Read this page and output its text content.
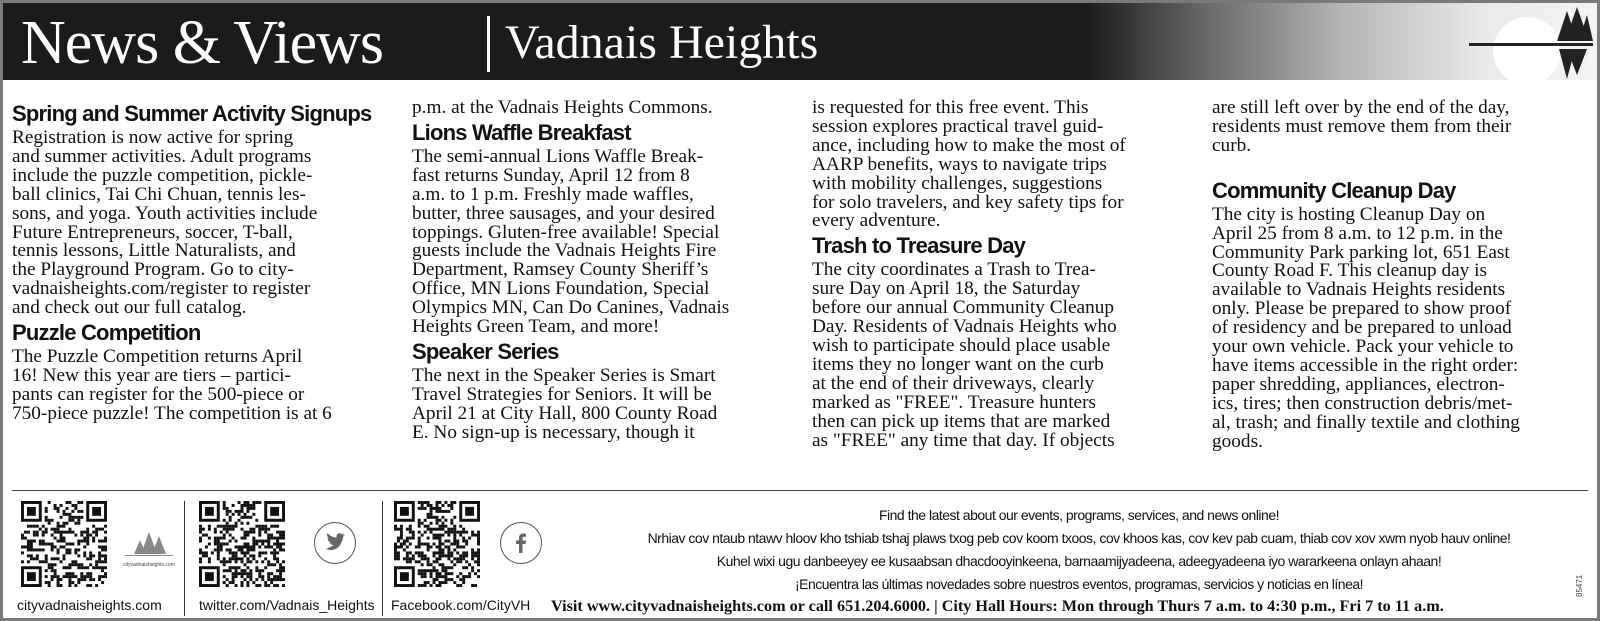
News & Views	Vadnais Heights
Spring and Summer Activity Signups

Registration is now active for spring
and summer activities. Adult programs
include the puzzle competition, pickle-
ball clinics, Tai Chi Chuan, tennis les-
sons, and yoga. Youth activities include
Future Entrepreneurs, soccer, T-ball,
tennis lessons, Little Naturalists, and
the Playground Program. Go to city-
vadnaisheights.com/register to register
and check out our full catalog.

Puzzle Competition

The Puzzle Competition returns April
16! New this year are tiers – partici-
pants can register for the 500-piece or
750-piece puzzle! The competition is at 6

p.m. at the Vadnais Heights Commons.

Lions Waffle Breakfast

The semi-annual Lions Waffle Break-
fast returns Sunday, April 12 from 8
a.m. to 1 p.m. Freshly made waffles,
butter, three sausages, and your desired
toppings. Gluten-free available! Special
guests include the Vadnais Heights Fire
Department, Ramsey County Sheriff’s
Office, MN Lions Foundation, Special
Olympics MN, Can Do Canines, Vadnais
Heights Green Team, and more!

Speaker Series

The next in the Speaker Series is Smart
Travel Strategies for Seniors. It will be
April 21 at City Hall, 800 County Road
E. No sign-up is necessary, though it

is requested for this free event. This
session explores practical travel guid-
ance, including how to make the most of
AARP benefits, ways to navigate trips
with mobility challenges, suggestions
for solo travelers, and key safety tips for
every adventure.

Trash to Treasure Day

The city coordinates a Trash to Trea-
sure Day on April 18, the Saturday
before our annual Community Cleanup
Day. Residents of Vadnais Heights who
wish to participate should place usable
items they no longer want on the curb
at the end of their driveways, clearly
marked as "FREE". Treasure hunters
then can pick up items that are marked
as "FREE" any time that day. If objects

are still left over by the end of the day,
residents must remove them from their
curb.

Community Cleanup Day

The city is hosting Cleanup Day on
April 25 from 8 a.m. to 12 p.m. in the
Community Park parking lot, 651 East
County Road F. This cleanup day is
available to Vadnais Heights residents
only. Please be prepared to show proof
of residency and be prepared to unload
your own vehicle. Pack your vehicle to
have items accessible in the right order:
paper shredding, appliances, electron-
ics, tires; then construction debris/met-
al, trash; and finally textile and clothing
goods.

cityvadnaisheights.com
cityvadnaisheights.com	twitter.com/Vadnais_Heights Facebook.com/CityVH
Find the latest about our events, programs, services, and news online!
Nrhiav cov ntaub ntawv hloov kho tshiab tshaj plaws txog peb cov koom txoos, cov khoos kas, cov kev pab cuam, thiab cov xov xwm nyob hauv online!
Kuhel wixi ugu danbeeyey ee kusaabsan dhacdooyinkeena, barnaamijyadeena, adeegyadeena iyo wararkeena onlayn ahaan!
¡Encuentra las últimas novedades sobre nuestros eventos, programas, servicios y noticias en línea!
Visit www.cityvadnaisheights.com or call 651.204.6000. | City Hall Hours: Mon through Thurs 7 a.m. to 4:30 p.m., Fri 7 to 11 a.m.
85471
